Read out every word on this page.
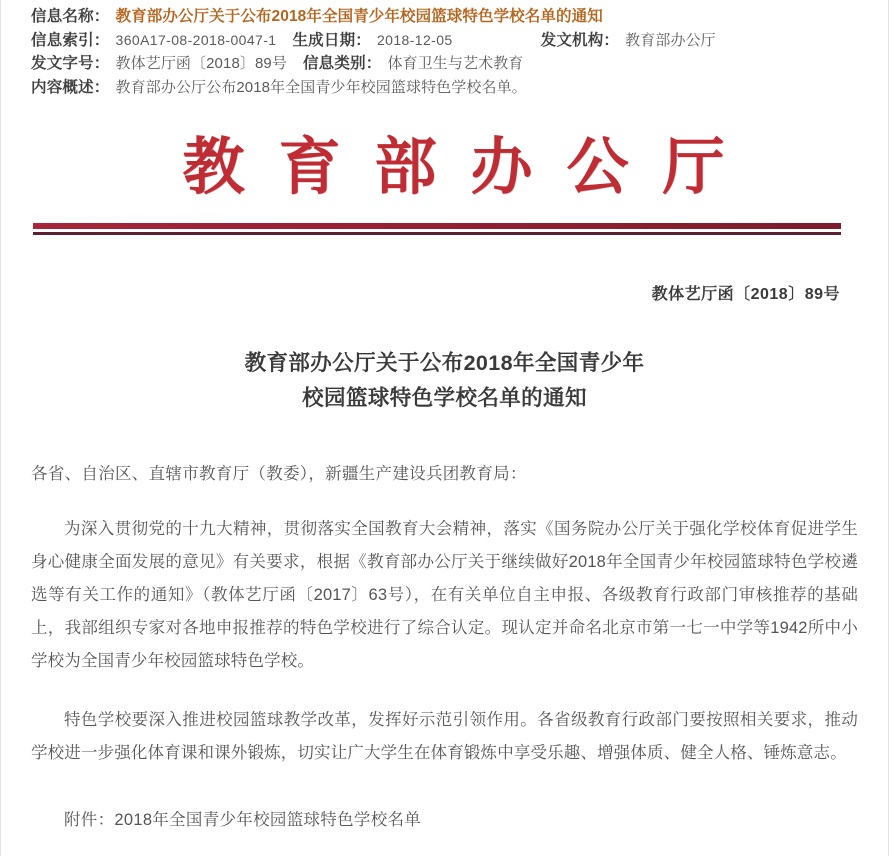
信息名称： 教育部办公厅关于公布2018年全国青少年校园篮球特色学校名单的通知
信息索引： 360A17-08-2018-0047-1 生成日期： 2018-12-05	发文机构： 教育部办公厅
发文字号： 教体艺厅函〔2018〕89号 信息类别： 体育卫生与艺术教育
内容概述： 教育部办公厅公布2018年全国青少年校园篮球特色学校名单。
教育部办公厅
教体艺厅函〔2018〕89号
教育部办公厅关于公布2018年全国青少年
校园篮球特色学校名单的通知
各省、自治区、直辖市教育厅（教委），新疆生产建设兵团教育局：
为深入贯彻党的十九大精神，贯彻落实全国教育大会精神，落实《国务院办公厅关于强化学校体育促进学生身心健康全面发展的意见》有关要求，根据《教育部办公厅关于继续做好2018年全国青少年校园篮球特色学校遴选等有关工作的通知》（教体艺厅函〔2017〕63号），在有关单位自主申报、各级教育行政部门审核推荐的基础上，我部组织专家对各地申报推荐的特色学校进行了综合认定。现认定并命名北京市第一七一中学等1942所中小学校为全国青少年校园篮球特色学校。
特色学校要深入推进校园篮球教学改革，发挥好示范引领作用。各省级教育行政部门要按照相关要求，推动学校进一步强化体育课和课外锻炼，切实让广大学生在体育锻炼中享受乐趣、增强体质、健全人格、锤炼意志。
附件：2018年全国青少年校园篮球特色学校名单
